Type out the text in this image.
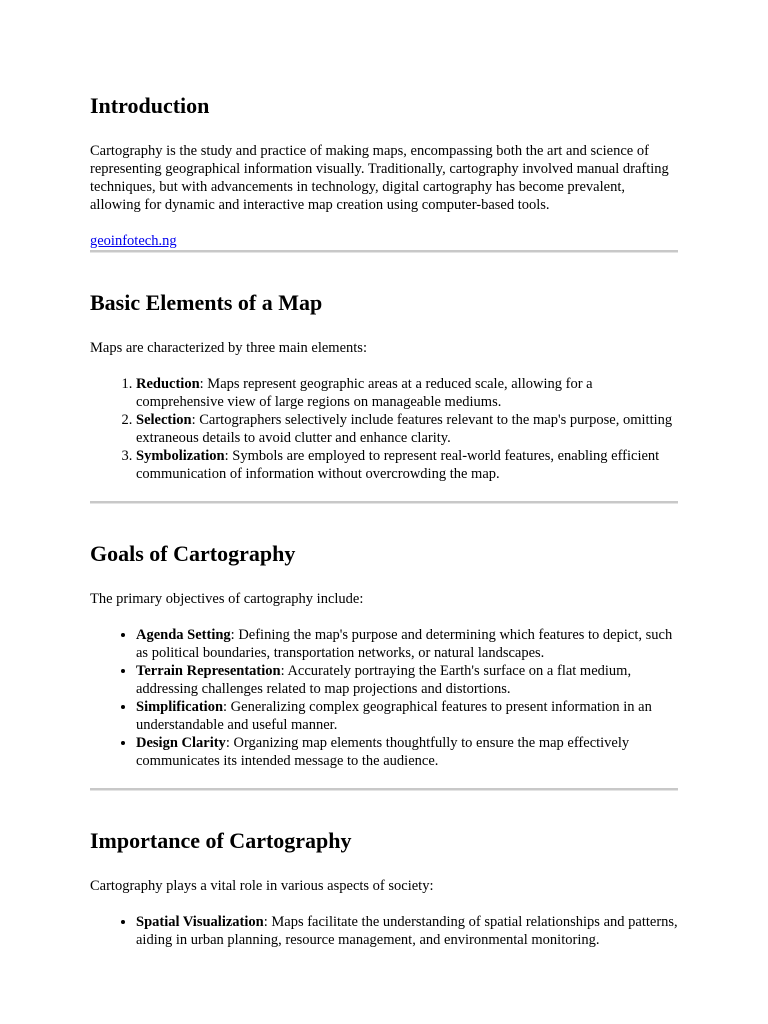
Introduction

Cartography is the study and practice of making maps, encompassing both the art and science of representing geographical information visually. Traditionally, cartography involved manual drafting techniques, but with advancements in technology, digital cartography has become prevalent, allowing for dynamic and interactive map creation using computer-based tools.

geoinfotech.ng
Basic Elements of a Map

Maps are characterized by three main elements:

1. Reduction: Maps represent geographic areas at a reduced scale, allowing for a comprehensive view of large regions on manageable mediums.
2. Selection: Cartographers selectively include features relevant to the map's purpose, omitting extraneous details to avoid clutter and enhance clarity.
3. Symbolization: Symbols are employed to represent real-world features, enabling efficient communication of information without overcrowding the map.
Goals of Cartography

The primary objectives of cartography include:

• Agenda Setting: Defining the map's purpose and determining which features to depict, such as political boundaries, transportation networks, or natural landscapes.
• Terrain Representation: Accurately portraying the Earth's surface on a flat medium, addressing challenges related to map projections and distortions.
• Simplification: Generalizing complex geographical features to present information in an understandable and useful manner.
• Design Clarity: Organizing map elements thoughtfully to ensure the map effectively communicates its intended message to the audience.
Importance of Cartography

Cartography plays a vital role in various aspects of society:

• Spatial Visualization: Maps facilitate the understanding of spatial relationships and patterns, aiding in urban planning, resource management, and environmental monitoring.
